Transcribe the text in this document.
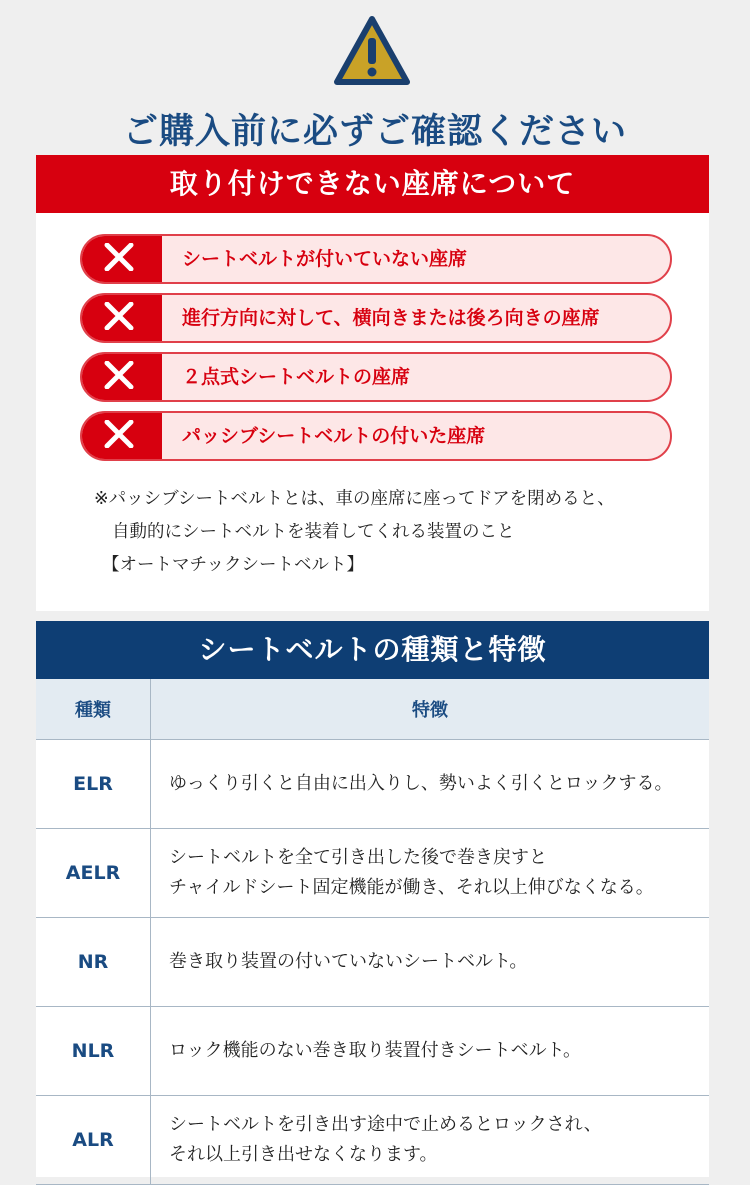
ご購入前に必ずご確認ください
取り付けできない座席について
シートベルトが付いていない座席
進行方向に対して、横向きまたは後ろ向きの座席
２点式シートベルトの座席
パッシブシートベルトの付いた座席
※パッシブシートベルトとは、車の座席に座ってドアを閉めると、
自動的にシートベルトを装着してくれる装置のこと
【オートマチックシートベルト】
シートベルトの種類と特徴
種類	特徴
ELR	ゆっくり引くと自由に出入りし、勢いよく引くとロックする。

AELR	シートベルトを全て引き出した後で巻き戻すと
チャイルドシート固定機能が働き、それ以上伸びなくなる。

NR	巻き取り装置の付いていないシートベルト。

NLR	ロック機能のない巻き取り装置付きシートベルト。

ALR	シートベルトを引き出す途中で止めるとロックされ、
それ以上引き出せなくなります。
